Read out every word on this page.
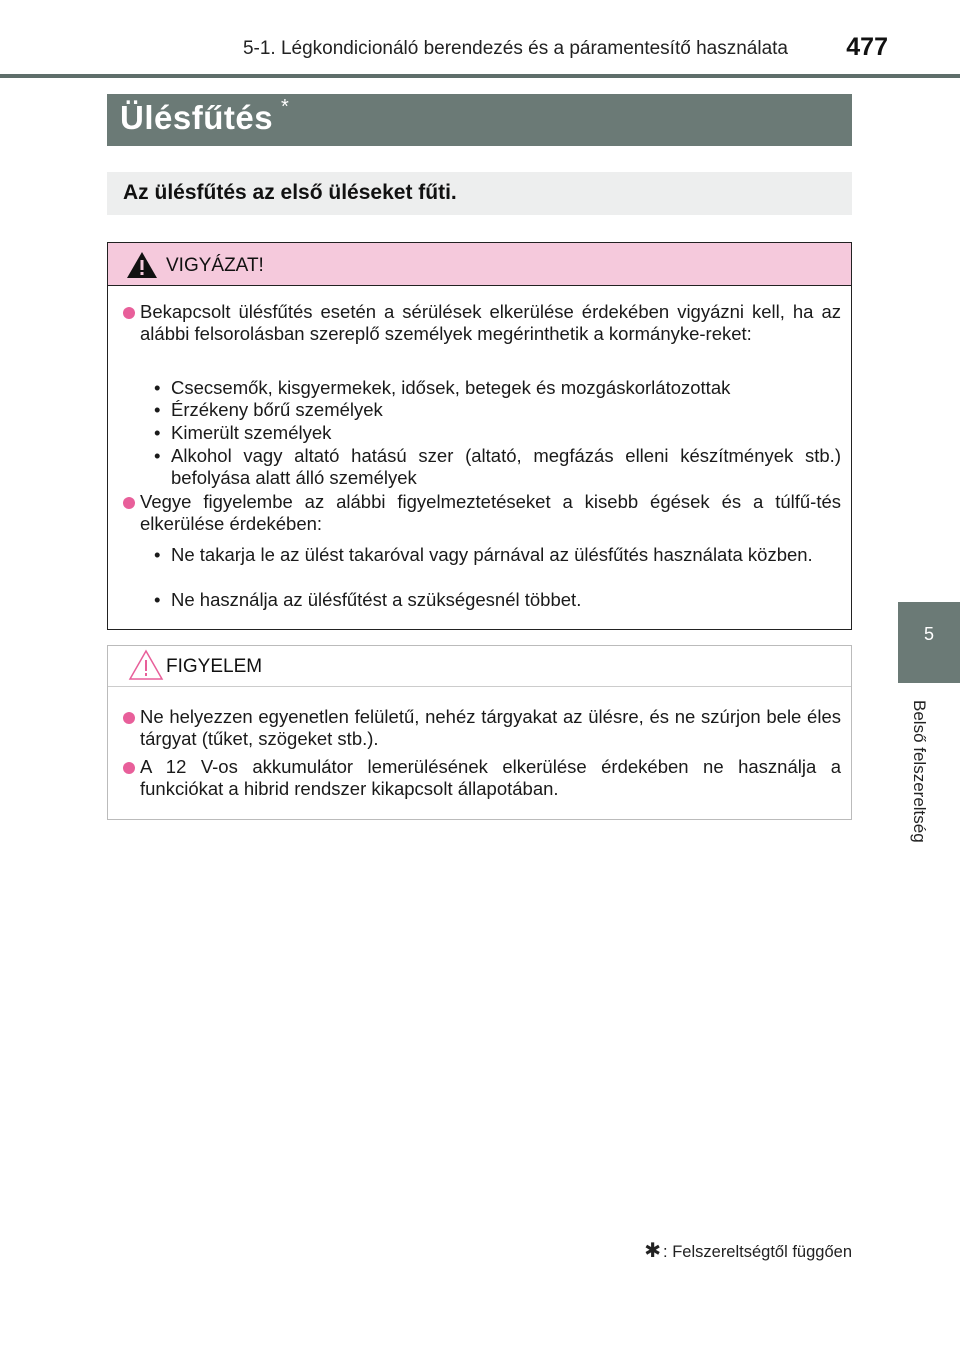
5-1. Légkondicionáló berendezés és a páramentesítő használata	477
Ülésfűtés *
Az ülésfűtés az első üléseket fűti.
VIGYÁZAT!
Bekapcsolt ülésfűtés esetén a sérülések elkerülése érdekében vigyázni kell, ha az alábbi felsorolásban szereplő személyek megérinthetik a kormányke-reket:
• Csecsemők, kisgyermekek, idősek, betegek és mozgáskorlátozottak
• Érzékeny bőrű személyek
• Kimerült személyek
• Alkohol vagy altató hatású szer (altató, megfázás elleni készítmények stb.) befolyása alatt álló személyek
Vegye figyelembe az alábbi figyelmeztetéseket a kisebb égések és a túlfű-tés elkerülése érdekében:
• Ne takarja le az ülést takaróval vagy párnával az ülésfűtés használata közben.
• Ne használja az ülésfűtést a szükségesnél többet.
FIGYELEM
Ne helyezzen egyenetlen felületű, nehéz tárgyakat az ülésre, és ne szúrjon bele éles tárgyat (tűket, szögeket stb.).
A 12 V-os akkumulátor lemerülésének elkerülése érdekében ne használja a funkciókat a hibrid rendszer kikapcsolt állapotában.
5
Belső felszereltség
✱ : Felszereltségtől függően
